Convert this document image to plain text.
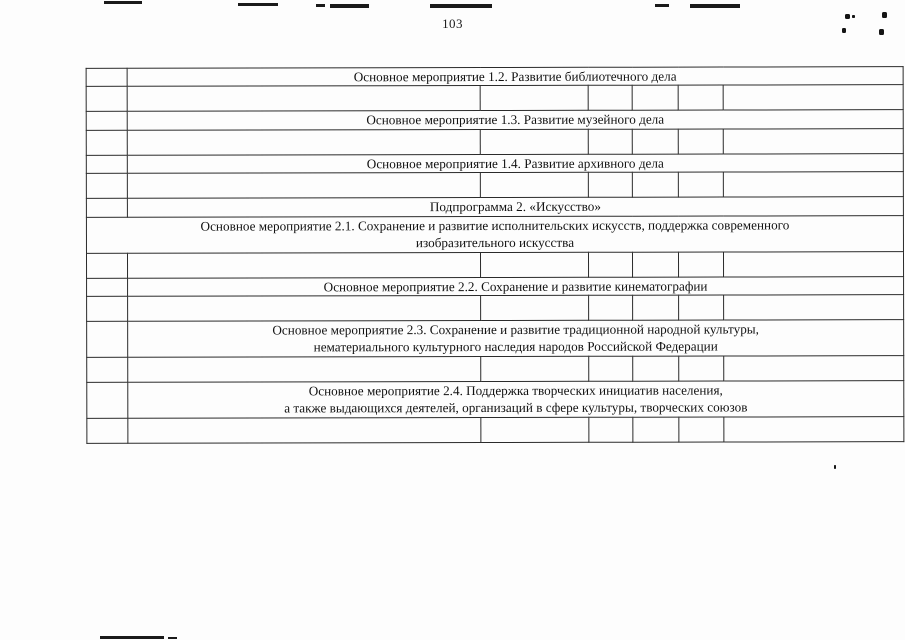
103

	Основное мероприятие 1.2. Развитие библиотечного дела					

	Основное мероприятие 1.3. Развитие музейного дела					

	Основное мероприятие 1.4. Развитие архивного дела					

	Подпрограмма 2. «Искусство»					

Основное мероприятие 2.1. Сохранение и развитие исполнительских искусств, поддержка современного
изобразительного искусства						

	Основное мероприятие 2.2. Сохранение и развитие кинематографии					

	Основное мероприятие 2.3. Сохранение и развитие традиционной народной культуры,
нематериального культурного наследия народов Российской Федерации					

	Основное мероприятие 2.4. Поддержка творческих инициатив населения,
а также выдающихся деятелей, организаций в сфере культуры, творческих союзов					
